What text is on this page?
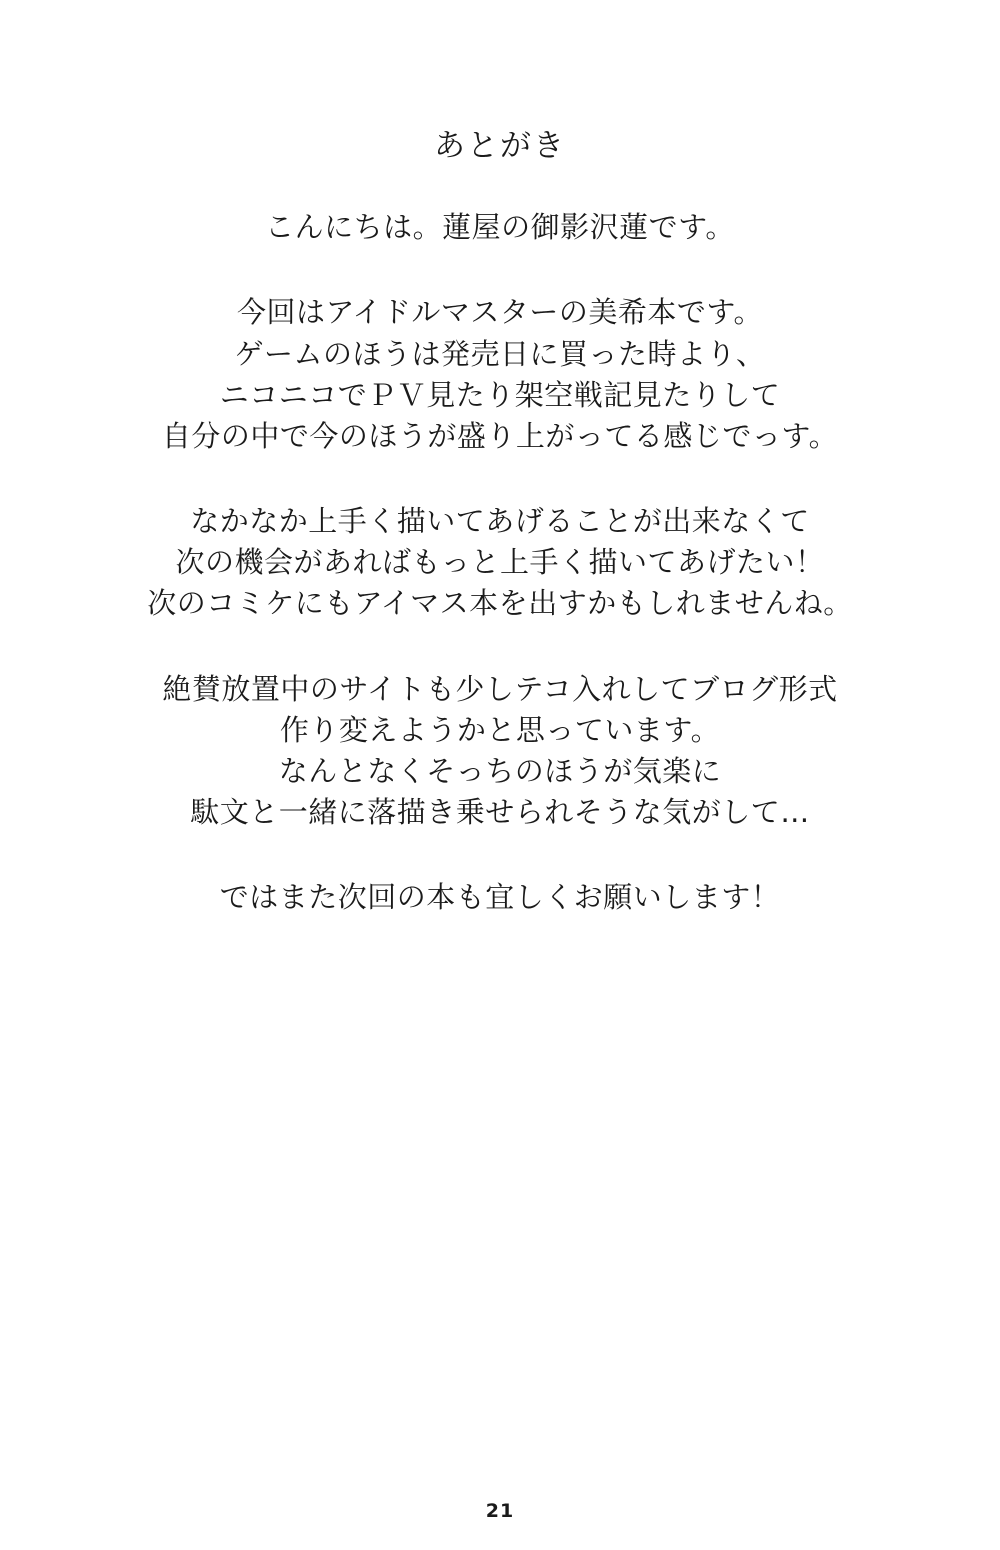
あとがき
こんにちは。蓮屋の御影沢蓮です。
今回はアイドルマスターの美希本です。
ゲームのほうは発売日に買った時より、
ニコニコでＰＶ見たり架空戦記見たりして
自分の中で今のほうが盛り上がってる感じでっす。
なかなか上手く描いてあげることが出来なくて
次の機会があればもっと上手く描いてあげたい！
次のコミケにもアイマス本を出すかもしれませんね。
絶賛放置中のサイトも少しテコ入れしてブログ形式
作り変えようかと思っています。
なんとなくそっちのほうが気楽に
駄文と一緒に落描き乗せられそうな気がして…
ではまた次回の本も宜しくお願いします！
21
